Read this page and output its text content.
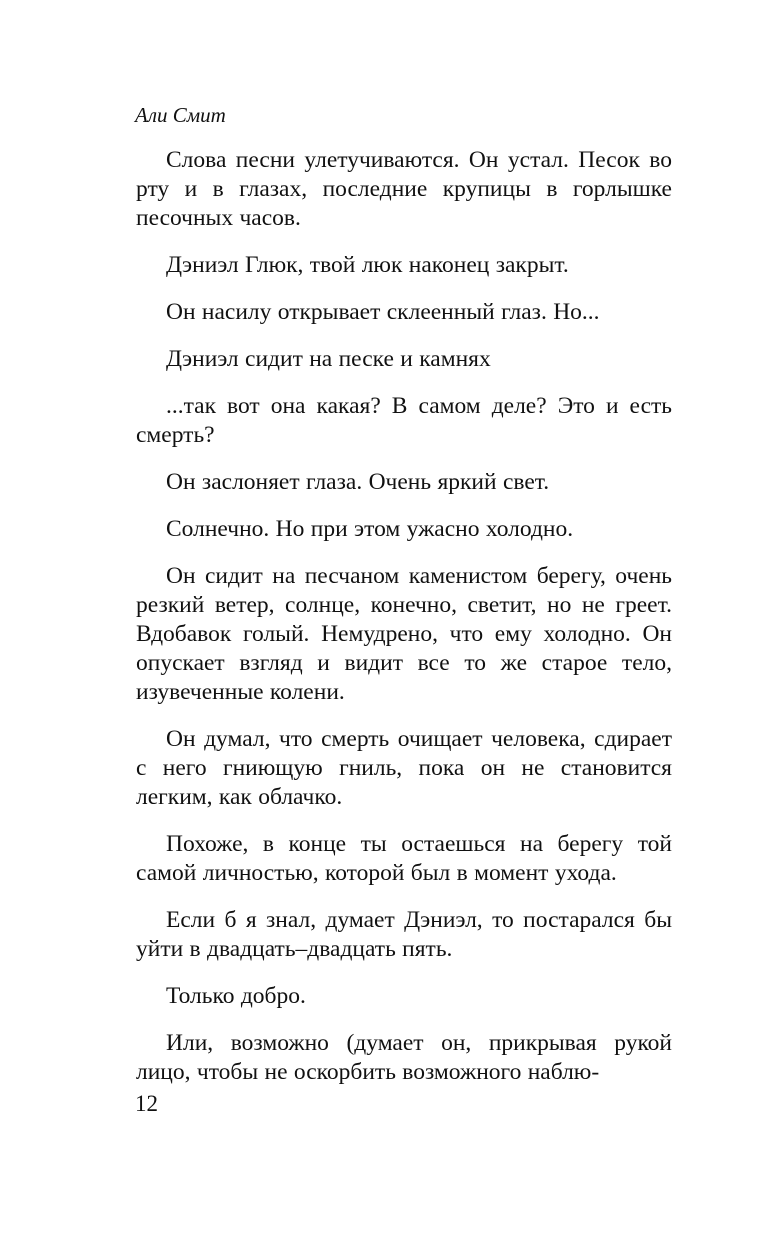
Али Смит

Слова песни улетучиваются. Он устал. Песок во рту и в глазах, последние крупицы в горлышке песочных часов.

Дэниэл Глюк, твой люк наконец закрыт.

Он насилу открывает склеенный глаз. Но...

Дэниэл сидит на песке и камнях

...так вот она какая? В самом деле? Это и есть смерть?

Он заслоняет глаза. Очень яркий свет.

Солнечно. Но при этом ужасно холодно.

Он сидит на песчаном каменистом берегу, очень резкий ветер, солнце, конечно, светит, но не греет. Вдобавок голый. Немудрено, что ему холодно. Он опускает взгляд и видит все то же старое тело, изувеченные колени.

Он думал, что смерть очищает человека, сдирает с него гниющую гниль, пока он не становится легким, как облачко.

Похоже, в конце ты остаешься на берегу той самой личностью, которой был в момент ухода.

Если б я знал, думает Дэниэл, то постарался бы уйти в двадцать–двадцать пять.

Только добро.

Или, возможно (думает он, прикрывая рукой лицо, чтобы не оскорбить возможного наблю-

12
